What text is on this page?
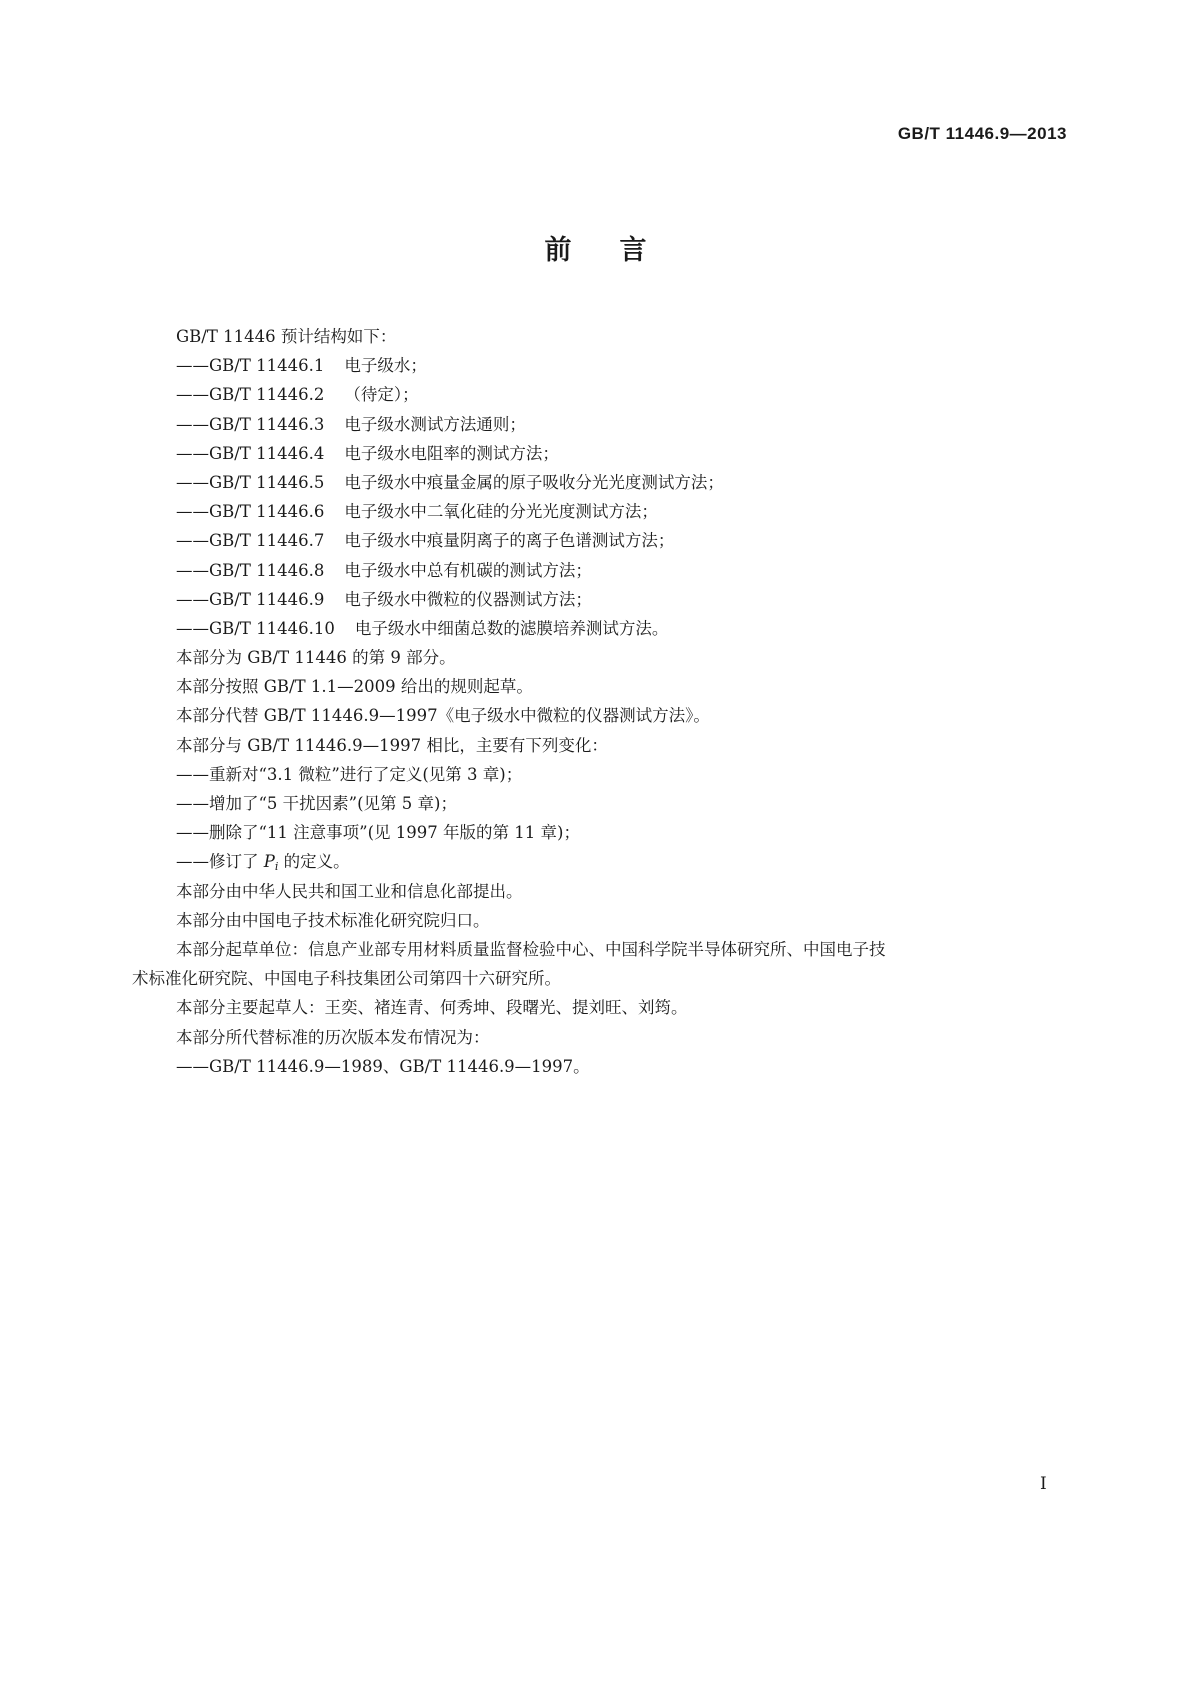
GB/T 11446.9—2013
前言
GB/T 11446 预计结构如下：
——GB/T 11446.1 电子级水；
——GB/T 11446.2 （待定）；
——GB/T 11446.3 电子级水测试方法通则；
——GB/T 11446.4 电子级水电阻率的测试方法；
——GB/T 11446.5 电子级水中痕量金属的原子吸收分光光度测试方法；
——GB/T 11446.6 电子级水中二氧化硅的分光光度测试方法；
——GB/T 11446.7 电子级水中痕量阴离子的离子色谱测试方法；
——GB/T 11446.8 电子级水中总有机碳的测试方法；
——GB/T 11446.9 电子级水中微粒的仪器测试方法；
——GB/T 11446.10 电子级水中细菌总数的滤膜培养测试方法。
本部分为 GB/T 11446 的第 9 部分。
本部分按照 GB/T 1.1—2009 给出的规则起草。
本部分代替 GB/T 11446.9—1997《电子级水中微粒的仪器测试方法》。
本部分与 GB/T 11446.9—1997 相比，主要有下列变化：
——重新对“3.1 微粒”进行了定义(见第 3 章)；
——增加了“5 干扰因素”(见第 5 章)；
——删除了“11 注意事项”(见 1997 年版的第 11 章)；
——修订了 $P_i$ 的定义。
本部分由中华人民共和国工业和信息化部提出。
本部分由中国电子技术标准化研究院归口。
本部分起草单位：信息产业部专用材料质量监督检验中心、中国科学院半导体研究所、中国电子技
术标准化研究院、中国电子科技集团公司第四十六研究所。
本部分主要起草人：王奕、褚连青、何秀坤、段曙光、提刘旺、刘筠。
本部分所代替标准的历次版本发布情况为：
——GB/T 11446.9—1989、GB/T 11446.9—1997。
I
